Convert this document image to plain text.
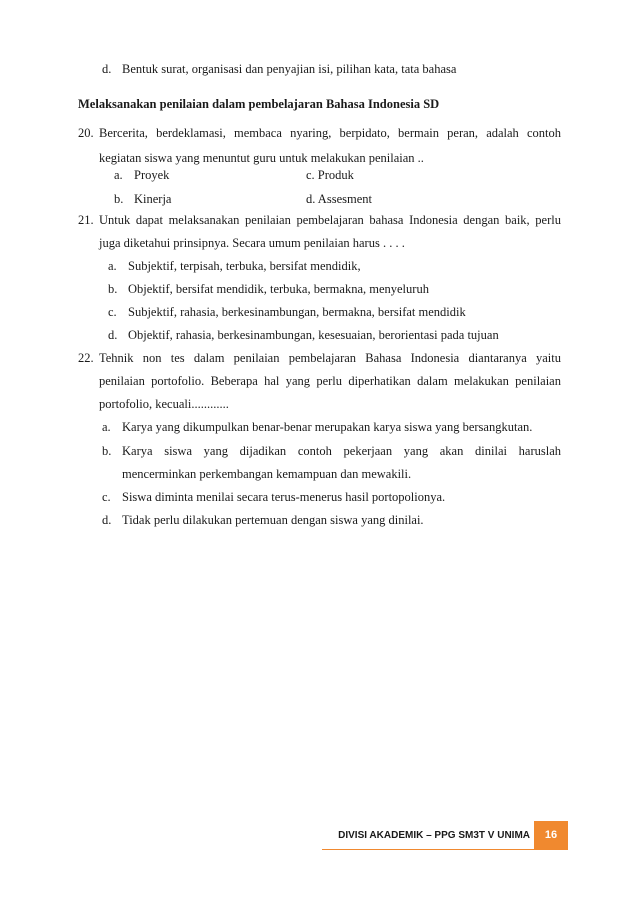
d. Bentuk surat, organisasi dan penyajian isi, pilihan kata, tata bahasa
Melaksanakan penilaian dalam pembelajaran Bahasa Indonesia SD
20. Bercerita, berdeklamasi, membaca nyaring, berpidato, bermain peran, adalah contoh
kegiatan siswa yang menuntut guru untuk melakukan penilaian ..
a. Proyek	c. Produk
b. Kinerja	d. Assesment
21. Untuk dapat melaksanakan penilaian pembelajaran bahasa Indonesia dengan baik, perlu
juga diketahui prinsipnya. Secara umum penilaian harus . . . .
a. Subjektif, terpisah, terbuka, bersifat mendidik,
b. Objektif, bersifat mendidik, terbuka, bermakna, menyeluruh
c. Subjektif, rahasia, berkesinambungan, bermakna, bersifat mendidik
d. Objektif, rahasia, berkesinambungan, kesesuaian, berorientasi pada tujuan
22. Tehnik non tes dalam penilaian pembelajaran Bahasa Indonesia diantaranya yaitu
penilaian portofolio. Beberapa hal yang perlu diperhatikan dalam melakukan penilaian
portofolio, kecuali............
a. Karya yang dikumpulkan benar-benar merupakan karya siswa yang bersangkutan.
b. Karya siswa yang dijadikan contoh pekerjaan yang akan dinilai haruslah
mencerminkan perkembangan kemampuan dan mewakili.
c. Siswa diminta menilai secara terus-menerus hasil portopolionya.
d. Tidak perlu dilakukan pertemuan dengan siswa yang dinilai.
DIVISI AKADEMIK – PPG SM3T V UNIMA	16
